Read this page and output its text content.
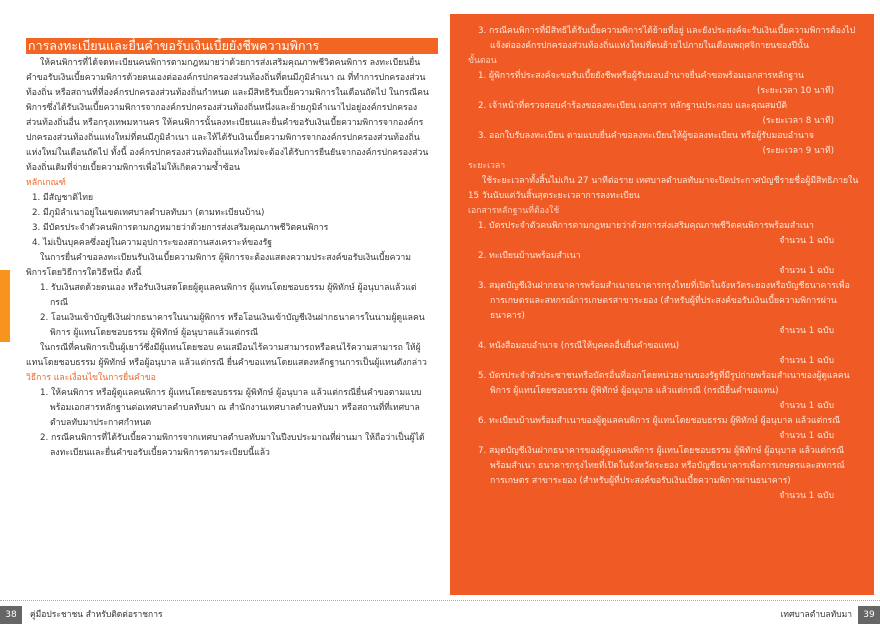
การลงทะเบียนและยื่นคำขอรับเงินเบี้ยยังชีพความพิการ

ให้คนพิการที่ได้จดทะเบียนคนพิการตามกฎหมายว่าด้วยการส่งเสริมคุณภาพชีวิตคนพิการ ลงทะเบียนยื่นคำขอรับเงินเบี้ยความพิการด้วยตนเองต่อองค์กรปกครองส่วนท้องถิ่นที่ตนมีภูมิลำเนา ณ ที่ทำการปกครองส่วนท้องถิ่น หรือสถานที่ที่องค์กรปกครองส่วนท้องถิ่นกำหนด และมีสิทธิรับเบี้ยความพิการในเดือนถัดไป ในกรณีคนพิการซึ่งได้รับเงินเบี้ยความพิการจากองค์กรปกครองส่วนท้องถิ่นหนึ่งและย้ายภูมิลำเนาไปอยู่องค์กรปกครองส่วนท้องถิ่นอื่น หรือกรุงเทพมหานคร ให้คนพิการนั้นลงทะเบียนและยื่นคำขอรับเงินเบี้ยความพิการจากองค์กรปกครองส่วนท้องถิ่นแห่งใหม่ที่ตนมีภูมิลำเนา และให้ได้รับเงินเบี้ยความพิการจากองค์กรปกครองส่วนท้องถิ่นแห่งใหม่ในเดือนถัดไป ทั้งนี้ องค์กรปกครองส่วนท้องถิ่นแห่งใหม่จะต้องได้รับการยืนยันจากองค์กรปกครองส่วนท้องถิ่นเดิมที่จ่ายเบี้ยความพิการเพื่อไม่ให้เกิดความซ้ำซ้อน

หลักเกณฑ์
1. มีสัญชาติไทย
2. มีภูมิลำเนาอยู่ในเขตเทศบาลตำบลทับมา (ตามทะเบียนบ้าน)
3. มีบัตรประจำตัวคนพิการตามกฎหมายว่าด้วยการส่งเสริมคุณภาพชีวิตคนพิการ
4. ไม่เป็นบุคคลซึ่งอยู่ในความอุปการะของสถานสงเคราะห์ของรัฐ

ในการยื่นคำขอลงทะเบียนรับเงินเบี้ยความพิการ ผู้พิการจะต้องแสดงความประสงค์ขอรับเงินเบี้ยความพิการโดยวิธีการใดวิธีหนึ่ง ดังนี้

1. รับเงินสดด้วยตนเอง หรือรับเงินสดโดยผู้ดูแลคนพิการ ผู้แทนโดยชอบธรรม ผู้พิทักษ์ ผู้อนุบาลแล้วแต่กรณี
2. โอนเงินเข้าบัญชีเงินฝากธนาคารในนามผู้พิการ หรือโอนเงินเข้าบัญชีเงินฝากธนาคารในนามผู้ดูแลคนพิการ ผู้แทนโดยชอบธรรม ผู้พิทักษ์ ผู้อนุบาลแล้วแต่กรณี

ในกรณีที่คนพิการเป็นผู้เยาว์ซึ่งมีผู้แทนโดยชอบ คนเสมือนไร้ความสามารถหรือคนไร้ความสามารถ ให้ผู้แทนโดยชอบธรรม ผู้พิทักษ์ หรือผู้อนุบาล แล้วแต่กรณี ยื่นคำขอแทนโดยแสดงหลักฐานการเป็นผู้แทนดังกล่าว

วิธีการ และเงื่อนไขในการยื่นคำขอ
1. ให้คนพิการ หรือผู้ดูแลคนพิการ ผู้แทนโดยชอบธรรม ผู้พิทักษ์ ผู้อนุบาล แล้วแต่กรณียื่นคำขอตามแบบพร้อมเอกสารหลักฐานต่อเทศบาลตำบลทับมา ณ สำนักงานเทศบาลตำบลทับมา หรือสถานที่ที่เทศบาลตำบลทับมาประกาศกำหนด
2. กรณีคนพิการที่ได้รับเบี้ยความพิการจากเทศบาลตำบลทับมาในปีงบประมาณที่ผ่านมา ให้ถือว่าเป็นผู้ได้ลงทะเบียนและยื่นคำขอรับเบี้ยความพิการตามระเบียบนี้แล้ว
3. กรณีคนพิการที่มีสิทธิได้รับเบี้ยความพิการได้ย้ายที่อยู่ และยังประสงค์จะรับเงินเบี้ยความพิการต้องไปแจ้งต่อองค์กรปกครองส่วนท้องถิ่นแห่งใหม่ที่ตนย้ายไปภายในเดือนพฤศจิกายนของปีนั้น
ขั้นตอน
1. ผู้พิการที่ประสงค์จะขอรับเบี้ยยังชีพหรือผู้รับมอบอำนาจยื่นคำขอพร้อมเอกสารหลักฐาน
(ระยะเวลา 10 นาที)
2. เจ้าหน้าที่ตรวจสอบคำร้องขอลงทะเบียน เอกสาร หลักฐานประกอบ และคุณสมบัติ
(ระยะเวลา 8 นาที)
3. ออกใบรับลงทะเบียน ตามแบบยื่นคำขอลงทะเบียนให้ผู้ขอลงทะเบียน หรือผู้รับมอบอำนาจ
(ระยะเวลา 9 นาที)
ระยะเวลา

ใช้ระยะเวลาทั้งสิ้นไม่เกิน 27 นาทีต่อราย เทศบาลตำบลทับมาจะปิดประกาศบัญชีรายชื่อผู้มีสิทธิภายใน 15 วันนับแต่วันสิ้นสุดระยะเวลาการลงทะเบียน

เอกสารหลักฐานที่ต้องใช้
1. บัตรประจำตัวคนพิการตามกฎหมายว่าด้วยการส่งเสริมคุณภาพชีวิตคนพิการพร้อมสำเนา
จำนวน 1 ฉบับ
2. ทะเบียนบ้านพร้อมสำเนา
จำนวน 1 ฉบับ
3. สมุดบัญชีเงินฝากธนาคารพร้อมสำเนาธนาคารกรุงไทยที่เปิดในจังหวัดระยองหรือบัญชีธนาคารเพื่อการเกษตรและสหกรณ์การเกษตรสาขาระยอง (สำหรับผู้ที่ประสงค์ขอรับเงินเบี้ยความพิการผ่านธนาคาร)
จำนวน 1 ฉบับ
4. หนังสือมอบอำนาจ (กรณีให้บุคคลอื่นยื่นคำขอแทน)
จำนวน 1 ฉบับ
5. บัตรประจำตัวประชาชนหรือบัตรอื่นที่ออกโดยหน่วยงานของรัฐที่มีรูปถ่ายพร้อมสำเนาของผู้ดูแลคนพิการ ผู้แทนโดยชอบธรรม ผู้พิทักษ์ ผู้อนุบาล แล้วแต่กรณี (กรณียื่นคำขอแทน)
จำนวน 1 ฉบับ
6. ทะเบียนบ้านพร้อมสำเนาของผู้ดูแลคนพิการ ผู้แทนโดยชอบธรรม ผู้พิทักษ์ ผู้อนุบาล แล้วแต่กรณี
จำนวน 1 ฉบับ
7. สมุดบัญชีเงินฝากธนาคารของผู้ดูแลคนพิการ ผู้แทนโดยชอบธรรม ผู้พิทักษ์ ผู้อนุบาล แล้วแต่กรณีพร้อมสำเนา ธนาคารกรุงไทยที่เปิดในจังหวัดระยอง หรือบัญชีธนาคารเพื่อการเกษตรและสหกรณ์การเกษตร สาขาระยอง (สำหรับผู้ที่ประสงค์ขอรับเงินเบี้ยความพิการผ่านธนาคาร)
จำนวน 1 ฉบับ
38	คู่มือประชาชน สำหรับติดต่อราชการ	เทศบาลตำบลทับมา	39
